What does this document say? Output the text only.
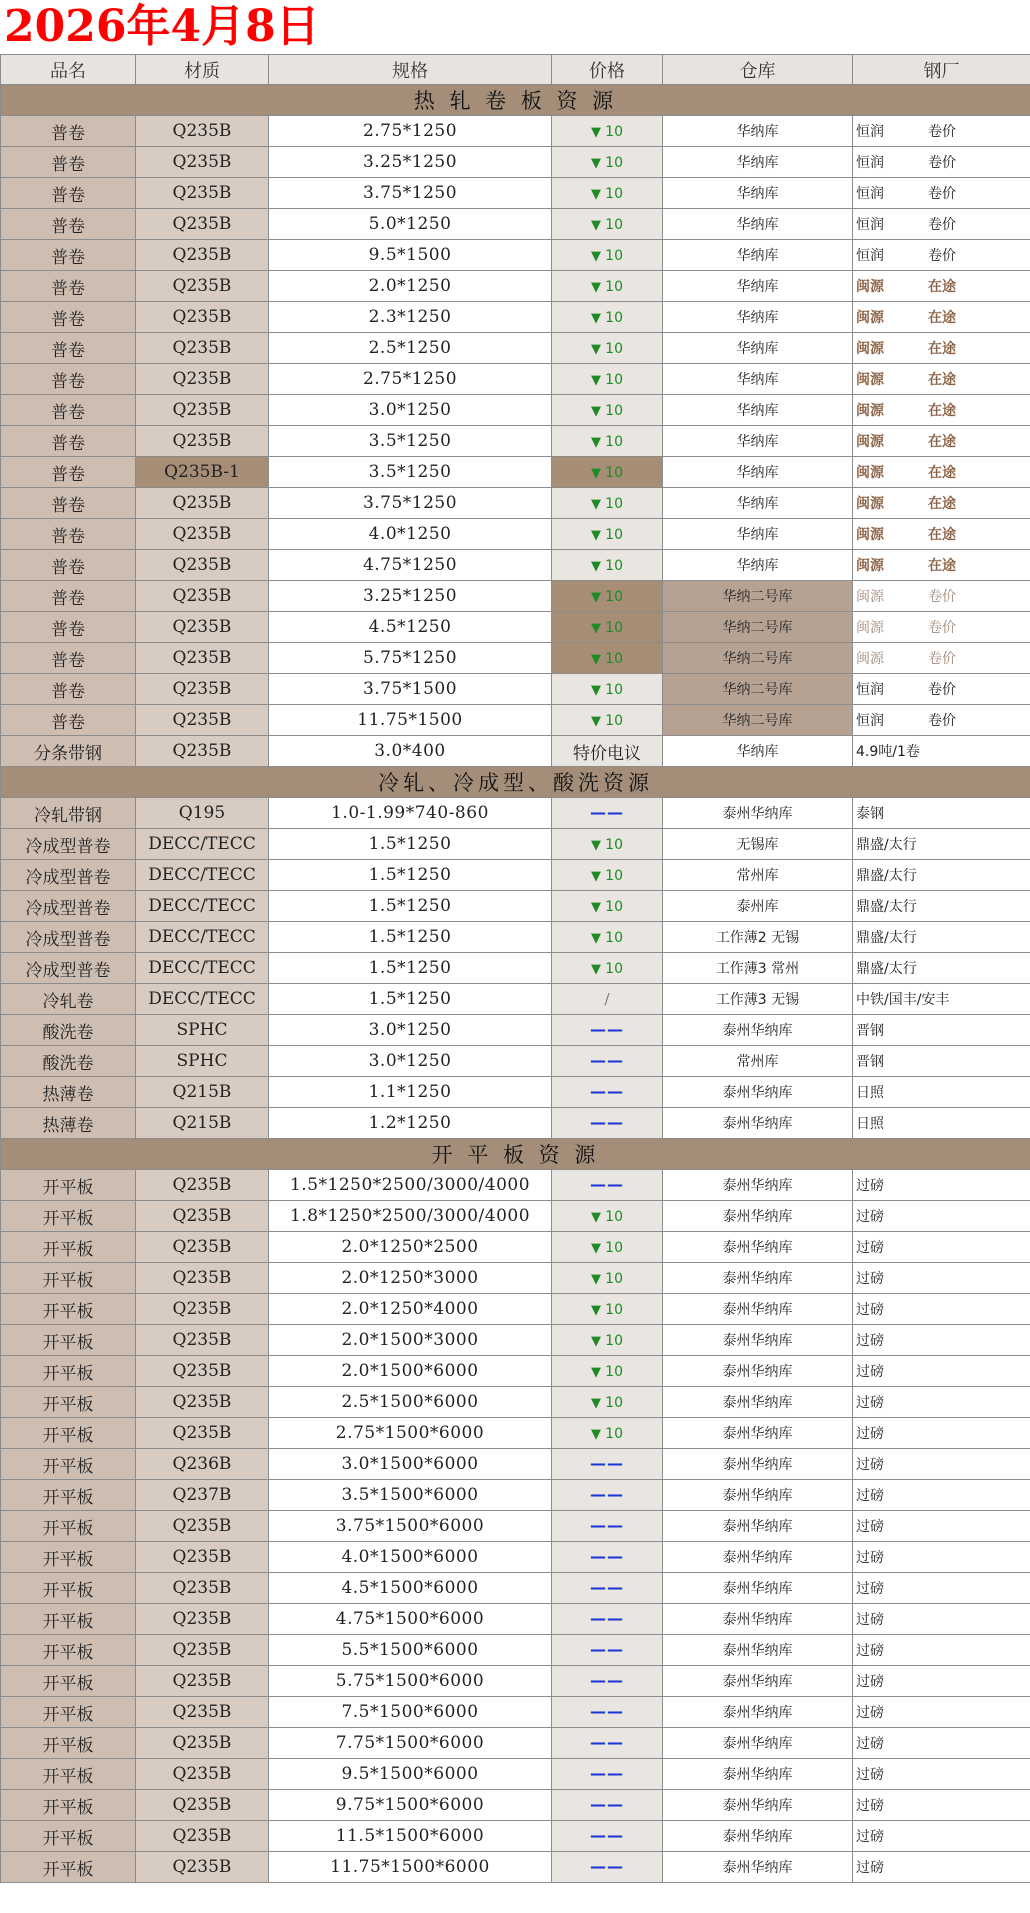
2026年4月8日
品名	材质	规格	价格	仓库	钢厂
热 轧 卷 板 资 源					
普卷	Q235B	2.75*1250	▼ 10	华纳库	恒润 卷价
普卷	Q235B	3.25*1250	▼ 10	华纳库	恒润 卷价
普卷	Q235B	3.75*1250	▼ 10	华纳库	恒润 卷价
普卷	Q235B	5.0*1250	▼ 10	华纳库	恒润 卷价
普卷	Q235B	9.5*1500	▼ 10	华纳库	恒润 卷价
普卷	Q235B	2.0*1250	▼ 10	华纳库	闽源 在途
普卷	Q235B	2.3*1250	▼ 10	华纳库	闽源 在途
普卷	Q235B	2.5*1250	▼ 10	华纳库	闽源 在途
普卷	Q235B	2.75*1250	▼ 10	华纳库	闽源 在途
普卷	Q235B	3.0*1250	▼ 10	华纳库	闽源 在途
普卷	Q235B	3.5*1250	▼ 10	华纳库	闽源 在途
普卷	Q235B-1	3.5*1250	▼ 10	华纳库	闽源 在途
普卷	Q235B	3.75*1250	▼ 10	华纳库	闽源 在途
普卷	Q235B	4.0*1250	▼ 10	华纳库	闽源 在途
普卷	Q235B	4.75*1250	▼ 10	华纳库	闽源 在途
普卷	Q235B	3.25*1250	▼ 10	华纳二号库	闽源 卷价
普卷	Q235B	4.5*1250	▼ 10	华纳二号库	闽源 卷价
普卷	Q235B	5.75*1250	▼ 10	华纳二号库	闽源 卷价
普卷	Q235B	3.75*1500	▼ 10	华纳二号库	恒润 卷价
普卷	Q235B	11.75*1500	▼ 10	华纳二号库	恒润 卷价
分条带钢	Q235B	3.0*400	特价电议	华纳库	4.9吨/1卷
冷轧、冷成型、酸洗资源					
冷轧带钢	Q195	1.0-1.99*740-860	——	泰州华纳库	泰钢
冷成型普卷	DECC/TECC	1.5*1250	▼ 10	无锡库	鼎盛/太行
冷成型普卷	DECC/TECC	1.5*1250	▼ 10	常州库	鼎盛/太行
冷成型普卷	DECC/TECC	1.5*1250	▼ 10	泰州库	鼎盛/太行
冷成型普卷	DECC/TECC	1.5*1250	▼ 10	工作薄2 无锡	鼎盛/太行
冷成型普卷	DECC/TECC	1.5*1250	▼ 10	工作薄3 常州	鼎盛/太行
冷轧卷	DECC/TECC	1.5*1250	/	工作薄3 无锡	中铁/国丰/安丰
酸洗卷	SPHC	3.0*1250	——	泰州华纳库	晋钢
酸洗卷	SPHC	3.0*1250	——	常州库	晋钢
热薄卷	Q215B	1.1*1250	——	泰州华纳库	日照
热薄卷	Q215B	1.2*1250	——	泰州华纳库	日照
开 平 板 资 源					
开平板	Q235B	1.5*1250*2500/3000/4000	——	泰州华纳库	过磅
开平板	Q235B	1.8*1250*2500/3000/4000	▼ 10	泰州华纳库	过磅
开平板	Q235B	2.0*1250*2500	▼ 10	泰州华纳库	过磅
开平板	Q235B	2.0*1250*3000	▼ 10	泰州华纳库	过磅
开平板	Q235B	2.0*1250*4000	▼ 10	泰州华纳库	过磅
开平板	Q235B	2.0*1500*3000	▼ 10	泰州华纳库	过磅
开平板	Q235B	2.0*1500*6000	▼ 10	泰州华纳库	过磅
开平板	Q235B	2.5*1500*6000	▼ 10	泰州华纳库	过磅
开平板	Q235B	2.75*1500*6000	▼ 10	泰州华纳库	过磅
开平板	Q236B	3.0*1500*6000	——	泰州华纳库	过磅
开平板	Q237B	3.5*1500*6000	——	泰州华纳库	过磅
开平板	Q235B	3.75*1500*6000	——	泰州华纳库	过磅
开平板	Q235B	4.0*1500*6000	——	泰州华纳库	过磅
开平板	Q235B	4.5*1500*6000	——	泰州华纳库	过磅
开平板	Q235B	4.75*1500*6000	——	泰州华纳库	过磅
开平板	Q235B	5.5*1500*6000	——	泰州华纳库	过磅
开平板	Q235B	5.75*1500*6000	——	泰州华纳库	过磅
开平板	Q235B	7.5*1500*6000	——	泰州华纳库	过磅
开平板	Q235B	7.75*1500*6000	——	泰州华纳库	过磅
开平板	Q235B	9.5*1500*6000	——	泰州华纳库	过磅
开平板	Q235B	9.75*1500*6000	——	泰州华纳库	过磅
开平板	Q235B	11.5*1500*6000	——	泰州华纳库	过磅
开平板	Q235B	11.75*1500*6000	——	泰州华纳库	过磅
